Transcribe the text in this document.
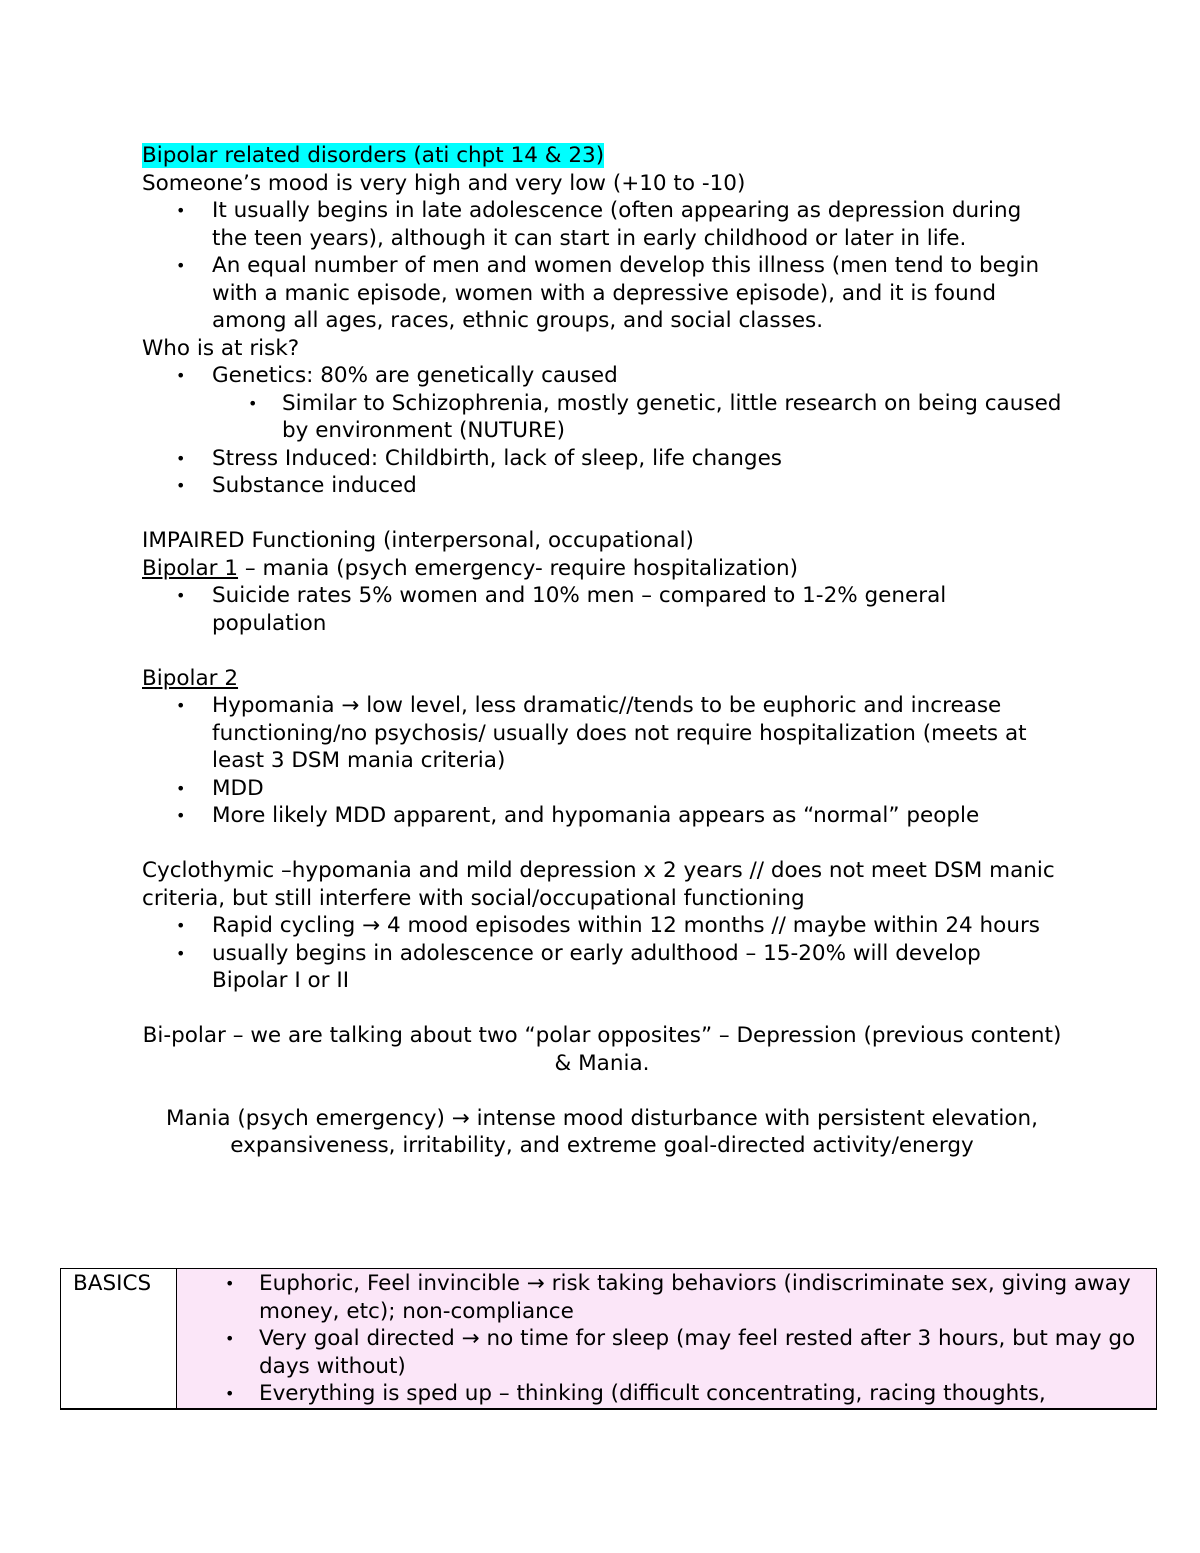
Bipolar related disorders (ati chpt 14 & 23)

Someone’s mood is very high and very low (+10 to -10)

• It usually begins in late adolescence (often appearing as depression during the teen years), although it can start in early childhood or later in life.
• An equal number of men and women develop this illness (men tend to begin with a manic episode, women with a depressive episode), and it is found among all ages, races, ethnic groups, and social classes.

Who is at risk?

• Genetics: 80% are genetically caused
• Similar to Schizophrenia, mostly genetic, little research on being caused by environment (NUTURE)
• Stress Induced: Childbirth, lack of sleep, life changes
• Substance induced

IMPAIRED Functioning (interpersonal, occupational)

Bipolar 1 – mania (psych emergency- require hospitalization)

• Suicide rates 5% women and 10% men – compared to 1-2% general population

Bipolar 2

• Hypomania → low level, less dramatic//tends to be euphoric and increase functioning/no psychosis/ usually does not require hospitalization (meets at least 3 DSM mania criteria)
• MDD
• More likely MDD apparent, and hypomania appears as “normal” people

Cyclothymic –hypomania and mild depression x 2 years // does not meet DSM manic criteria, but still interfere with social/occupational functioning

• Rapid cycling → 4 mood episodes within 12 months // maybe within 24 hours
• usually begins in adolescence or early adulthood – 15-20% will develop Bipolar I or II

Bi-polar – we are talking about two “polar opposites” – Depression (previous content) & Mania.

Mania (psych emergency) → intense mood disturbance with persistent elevation, expansiveness, irritability, and extreme goal-directed activity/energy

BASICS
•	Euphoric, Feel invincible → risk taking behaviors (indiscriminate sex, giving away money, etc); non-compliance
• Very goal directed → no time for sleep (may feel rested after 3 hours, but may go days without)
• Everything is sped up – thinking (difficult concentrating, racing thoughts,
